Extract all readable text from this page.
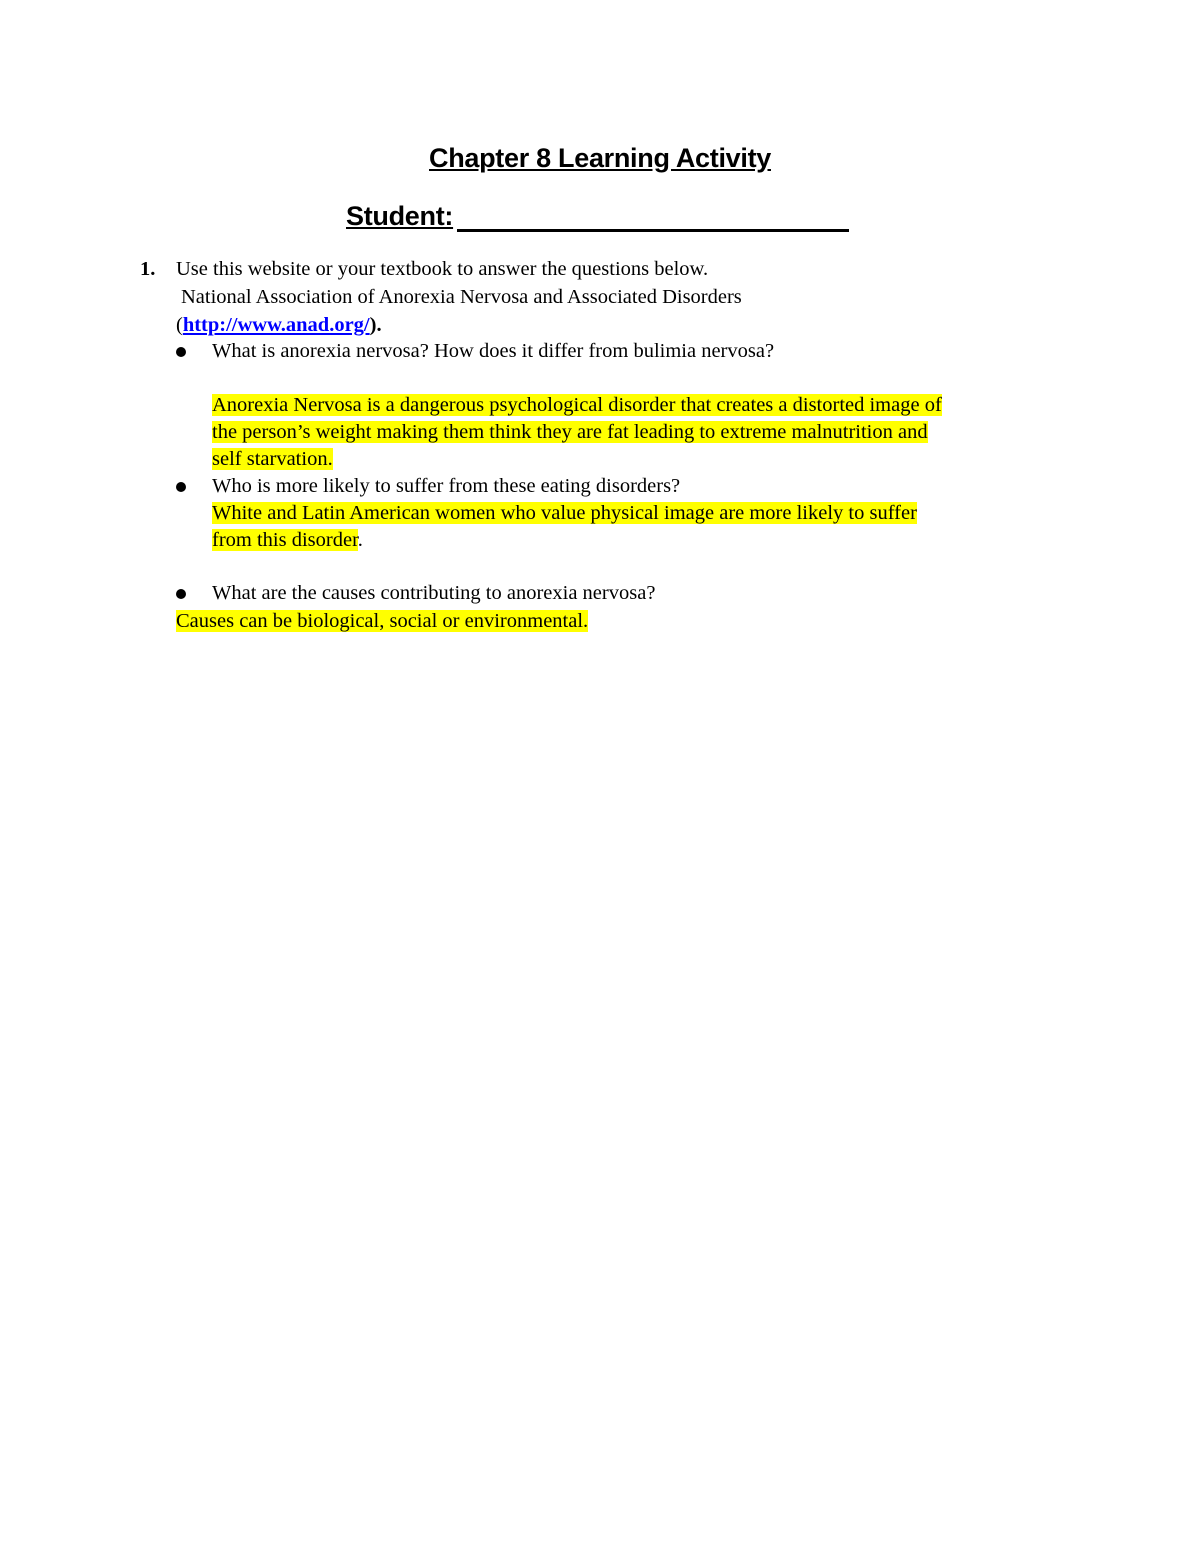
Chapter 8 Learning Activity
Student:
1. Use this website or your textbook to answer the questions below.
National Association of Anorexia Nervosa and Associated Disorders
(http://www.anad.org/).
What is anorexia nervosa? How does it differ from bulimia nervosa?
Anorexia Nervosa is a dangerous psychological disorder that creates a distorted image of
the person’s weight making them think they are fat leading to extreme malnutrition and
self starvation.
Who is more likely to suffer from these eating disorders?
White and Latin American women who value physical image are more likely to suffer
from this disorder.
What are the causes contributing to anorexia nervosa?
Causes can be biological, social or environmental.
